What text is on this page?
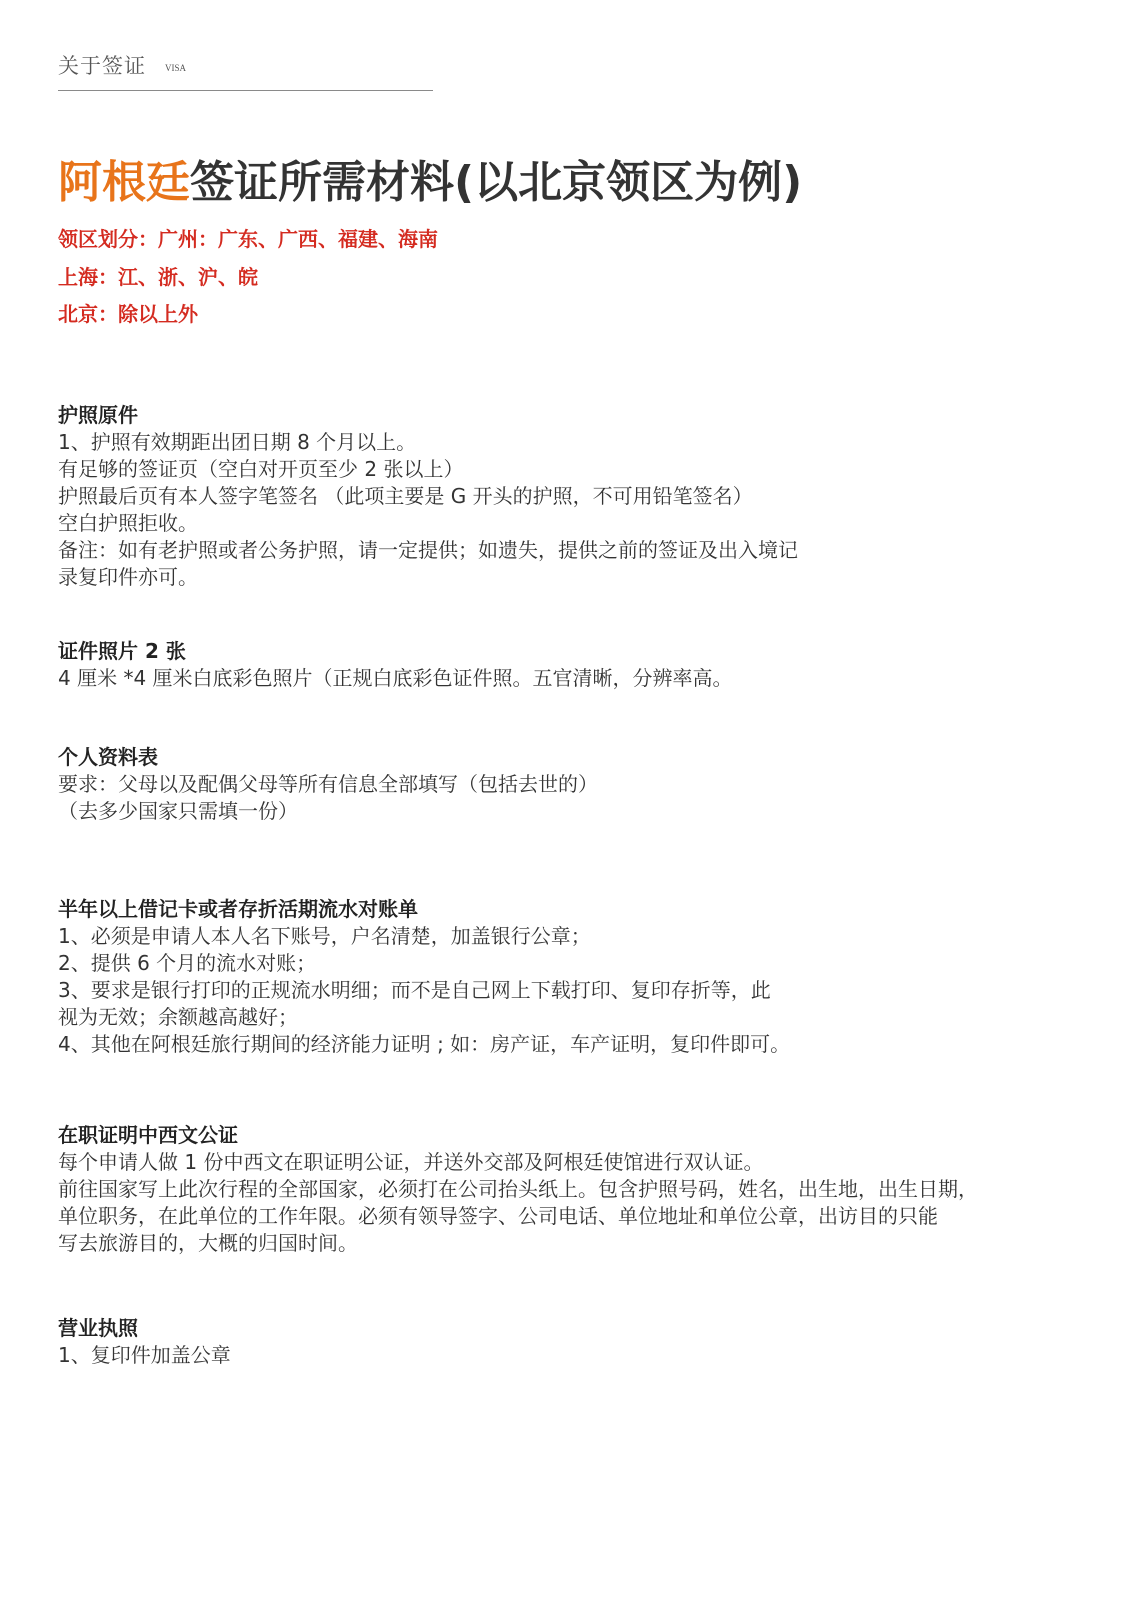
关于签证 VISA
阿根廷签证所需材料(以北京领区为例)
领区划分：广州：广东、广西、福建、海南
上海：江、浙、沪、皖
北京：除以上外
护照原件
1、护照有效期距出团日期 8 个月以上。
有足够的签证页（空白对开页至少 2 张以上）
护照最后页有本人签字笔签名 （此项主要是 G 开头的护照，不可用铅笔签名）
空白护照拒收。
备注：如有老护照或者公务护照，请一定提供；如遗失，提供之前的签证及出入境记
录复印件亦可。
证件照片 2 张
4 厘米 *4 厘米白底彩色照片（正规白底彩色证件照。五官清晰，分辨率高。
个人资料表
要求：父母以及配偶父母等所有信息全部填写（包括去世的）
（去多少国家只需填一份）
半年以上借记卡或者存折活期流水对账单
1、必须是申请人本人名下账号，户名清楚，加盖银行公章；
2、提供 6 个月的流水对账；
3、要求是银行打印的正规流水明细；而不是自己网上下载打印、复印存折等，此
视为无效；余额越高越好；
4、其他在阿根廷旅行期间的经济能力证明 ; 如：房产证，车产证明，复印件即可。
在职证明中西文公证
每个申请人做 1 份中西文在职证明公证，并送外交部及阿根廷使馆进行双认证。
前往国家写上此次行程的全部国家，必须打在公司抬头纸上。包含护照号码，姓名，出生地，出生日期，
单位职务，在此单位的工作年限。必须有领导签字、公司电话、单位地址和单位公章，出访目的只能
写去旅游目的，大概的归国时间。
营业执照
1、复印件加盖公章
